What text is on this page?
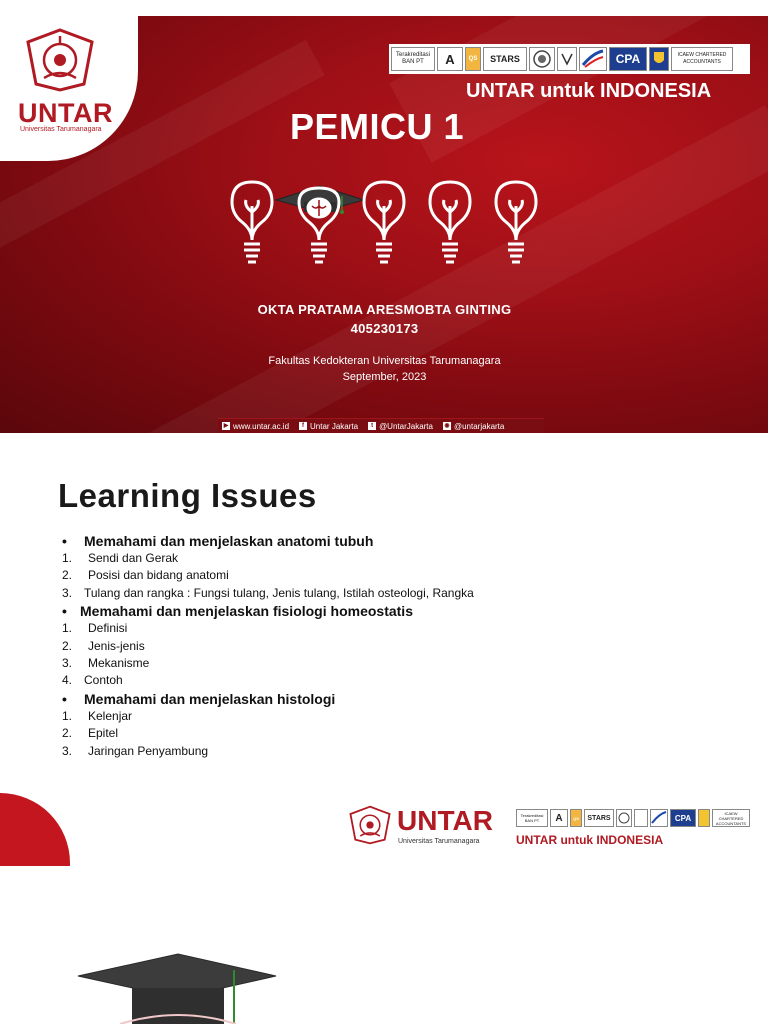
UNTAR
Universitas Tarumanagara
Terakreditasi BAN PT	A	QS	STARS	CPA	ICAEW CHARTERED ACCOUNTANTS
UNTAR untuk INDONESIA
PEMICU 1
OKTA PRATAMA ARESMOBTA GINTING
405230173
Fakultas Kedokteran Universitas Tarumanagara
September, 2023
▶ www.untar.ac.id	f Untar Jakarta	t @UntarJakarta ◉ @untarjakarta
Learning Issues
• Memahami dan menjelaskan anatomi tubuh
1. Sendi dan Gerak
2. Posisi dan bidang anatomi
3. Tulang dan rangka : Fungsi tulang, Jenis tulang, Istilah osteologi, Rangka
• Memahami dan menjelaskan fisiologi homeostatis
1. Definisi
2. Jenis-jenis
3. Mekanisme
4. Contoh
• Memahami dan menjelaskan histologi
1. Kelenjar
2. Epitel
3. Jaringan Penyambung
UNTAR
Universitas Tarumanagara
Terakreditasi BAN PT	A	QS	STARS	CPA
ICAEW CHARTERED ACCOUNTANTS
UNTAR untuk INDONESIA
